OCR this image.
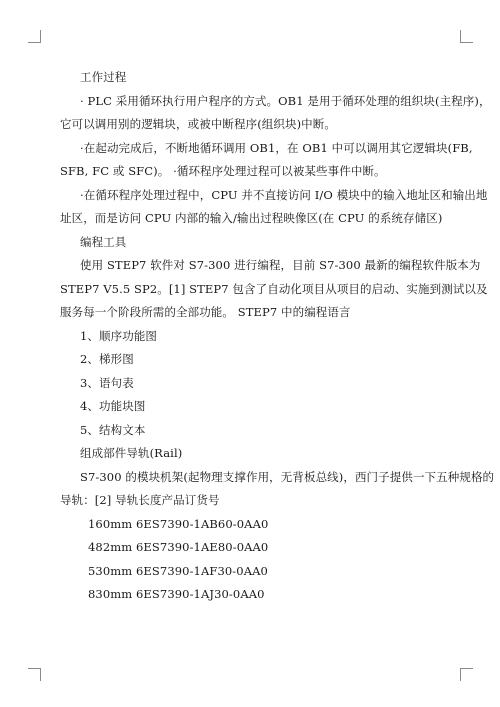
工作过程
· PLC 采用循环执行用户程序的方式。OB1 是用于循环处理的组织块(主程序)，
它可以调用别的逻辑块，或被中断程序(组织块)中断。
·在起动完成后，不断地循环调用 OB1，在 OB1 中可以调用其它逻辑块(FB,
SFB, FC 或 SFC)。 ·循环程序处理过程可以被某些事件中断。
·在循环程序处理过程中，CPU 并不直接访问 I/O 模块中的输入地址区和输出地
址区，而是访问 CPU 内部的输入/输出过程映像区(在 CPU 的系统存储区)
编程工具
使用 STEP7 软件对 S7-300 进行编程，目前 S7-300 最新的编程软件版本为
STEP7 V5.5 SP2。[1] STEP7 包含了自动化项目从项目的启动、实施到测试以及
服务每一个阶段所需的全部功能。 STEP7 中的编程语言
1、顺序功能图
2、梯形图
3、语句表
4、功能块图
5、结构文本
组成部件导轨(Rail)
S7-300 的模块机架(起物理支撑作用，无背板总线)，西门子提供一下五种规格的
导轨：[2] 导轨长度产品订货号
160mm 6ES7390-1AB60-0AA0
482mm 6ES7390-1AE80-0AA0
530mm 6ES7390-1AF30-0AA0
830mm 6ES7390-1AJ30-0AA0
